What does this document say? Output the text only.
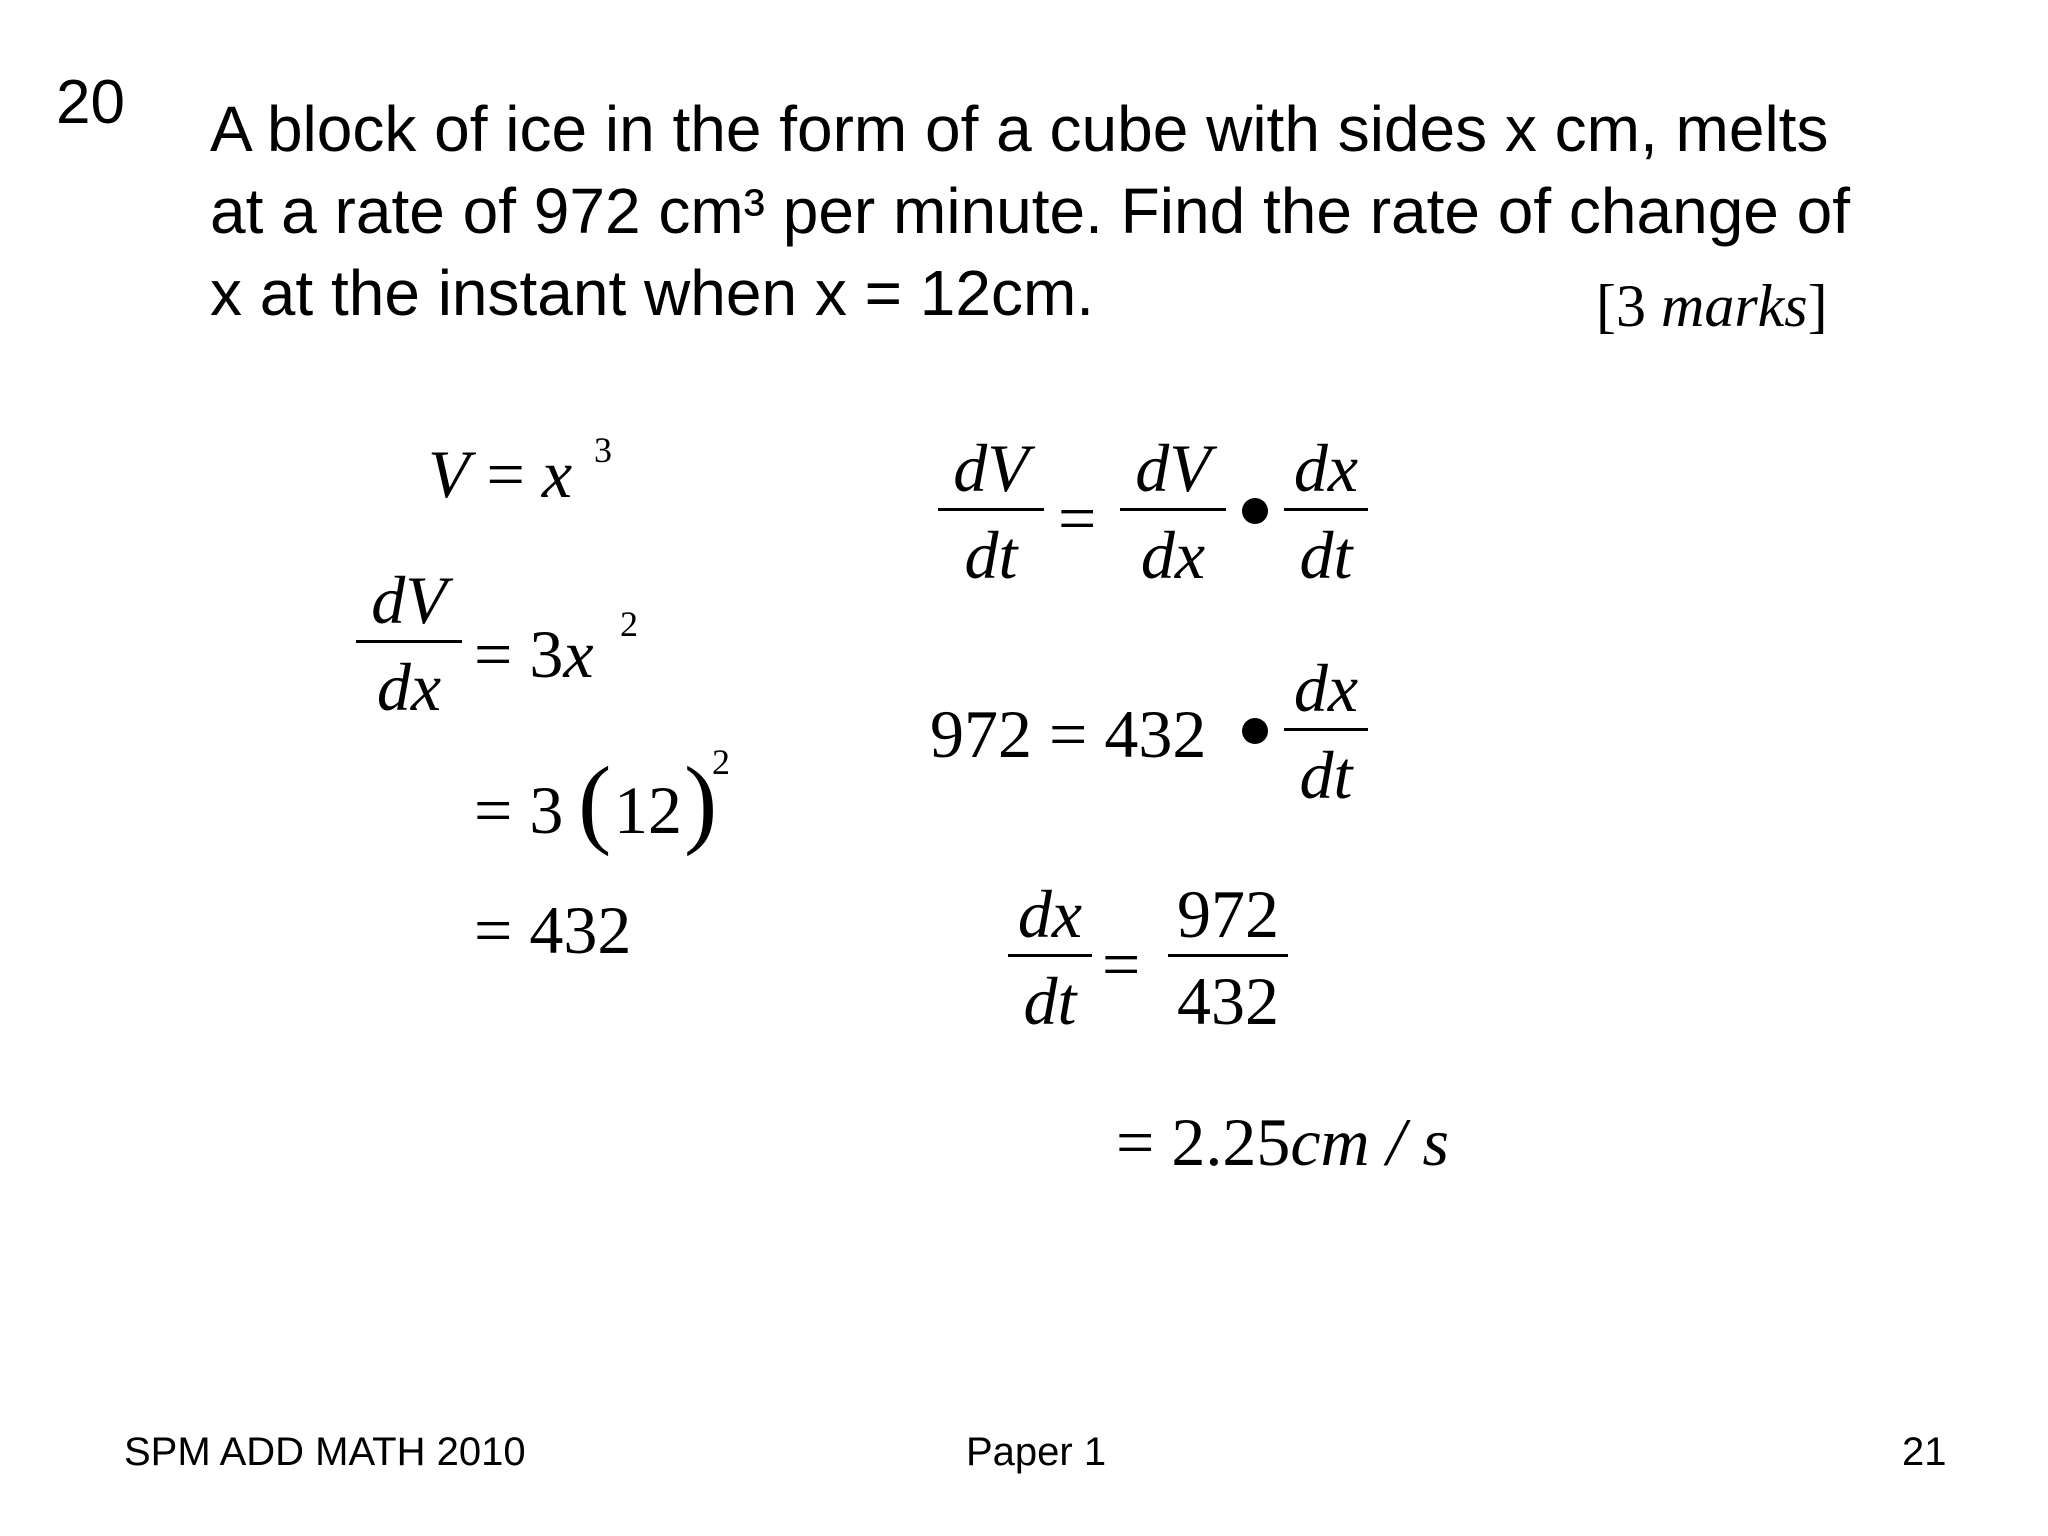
20 A block of ice in the form of a cube with sides x cm, melts
at a rate of 972 cm³ per minute. Find the rate of change of
x at the instant when x = 12cm.	[3 marks]
V = x 3
dV
dx = 3x 2
= 3 ( 12 )
2
= 432
dV
dt =
dV
dx
dx
dt
972 = 432
dx
dt
dx
dt =
972
432
= 2.25cm / s
SPM ADD MATH 2010	Paper 1	21
